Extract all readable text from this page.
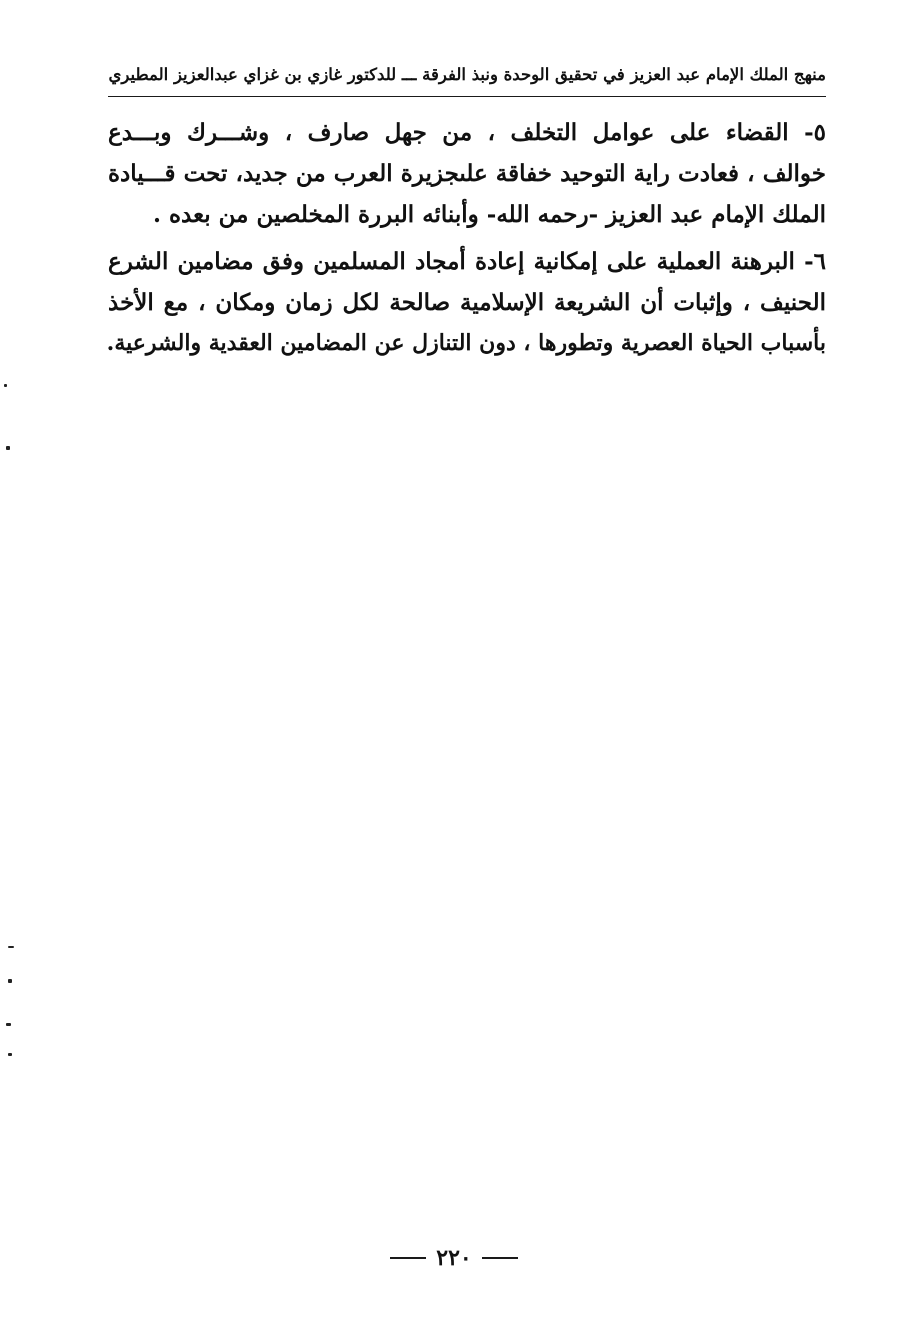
منهج الملك الإمام عبد العزيز في تحقيق الوحدة ونبذ الفرقة ـــ للدكتور غازي بن غزاي عبدالعزيز المطيري
٥- القضاء على عوامل التخلف ، من جهل صارف ، وشـــرك وبـــدع
خوالف ، فعادت راية التوحيد خفاقة علىجزيرة العرب من جديد، تحت قـــيادة
الملك الإمام عبد العزيز -رحمه الله- وأبنائه البررة المخلصين من بعده .
٦- البرهنة العملية على إمكانية إعادة أمجاد المسلمين وفق مضامين الشرع
الحنيف ، وإثبات أن الشريعة الإسلامية صالحة لكل زمان ومكان ، مع الأخذ
بأسباب الحياة العصرية وتطورها ، دون التنازل عن المضامين العقدية والشرعية.
٢٢٠
